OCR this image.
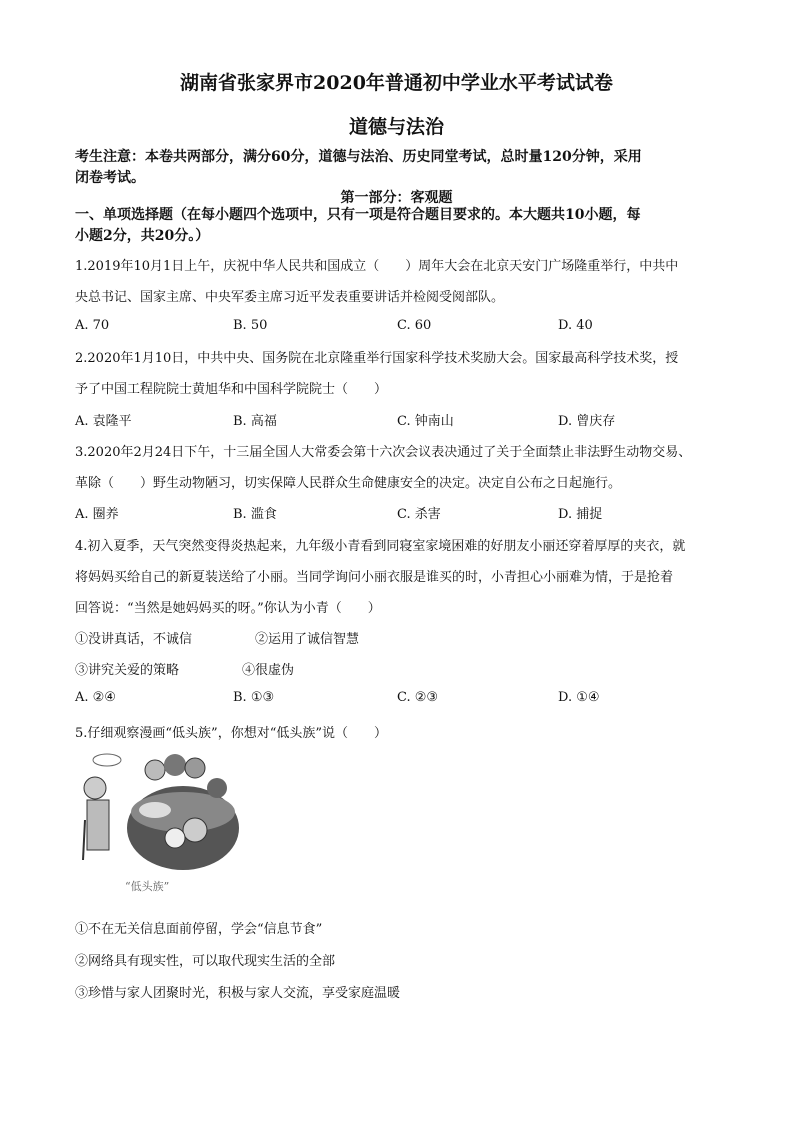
湖南省张家界市2020年普通初中学业水平考试试卷
道德与法治
考生注意：本卷共两部分，满分60分，道德与法治、历史同堂考试，总时量120分钟，采用
闭卷考试。
第一部分：客观题
一、单项选择题（在每小题四个选项中，只有一项是符合题目要求的。本大题共10小题，每
小题2分，共20分。）
1.2019年10月1日上午，庆祝中华人民共和国成立（　　）周年大会在北京天安门广场隆重举行，中共中
央总书记、国家主席、中央军委主席习近平发表重要讲话并检阅受阅部队。
A. 70	B. 50	C. 60	D. 40
2.2020年1月10日，中共中央、国务院在北京隆重举行国家科学技术奖励大会。国家最高科学技术奖，授
予了中国工程院院士黄旭华和中国科学院院士（　　）
A. 袁隆平	B. 高福	C. 钟南山	D. 曾庆存
3.2020年2月24日下午，十三届全国人大常委会第十六次会议表决通过了关于全面禁止非法野生动物交易、
革除（　　）野生动物陋习，切实保障人民群众生命健康安全的决定。决定自公布之日起施行。
A. 圈养	B. 滥食	C. 杀害	D. 捕捉
4.初入夏季，天气突然变得炎热起来，九年级小青看到同寝室家境困难的好朋友小丽还穿着厚厚的夹衣，就
将妈妈买给自己的新夏装送给了小丽。当同学询问小丽衣服是谁买的时，小青担心小丽难为情，于是抢着
回答说：“当然是她妈妈买的呀。”你认为小青（　　）
①没讲真话，不诚信	②运用了诚信智慧
③讲究关爱的策略	④很虚伪
A. ②④	B. ①③	C. ②③	D. ①④
5.仔细观察漫画“低头族”，你想对“低头族”说（　　）
“低头族”
①不在无关信息面前停留，学会“信息节食”
②网络具有现实性，可以取代现实生活的全部
③珍惜与家人团聚时光，积极与家人交流，享受家庭温暖
